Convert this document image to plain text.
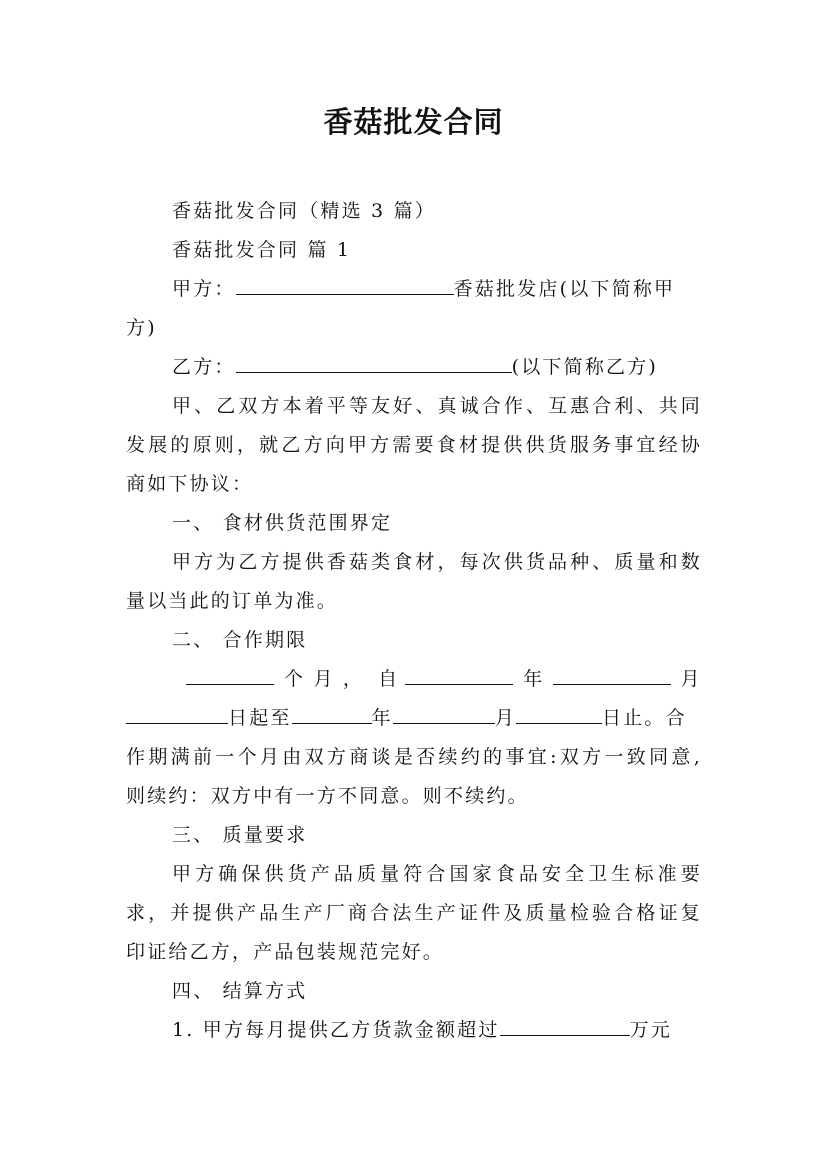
香菇批发合同
香菇批发合同（精选 3 篇）
香菇批发合同 篇 1
甲方：	香菇批发店(以下简称甲
方)
乙方：	(以下简称乙方)
甲、乙双方本着平等友好、真诚合作、互惠合利、共同
发展的原则，就乙方向甲方需要食材提供供货服务事宜经协
商如下协议：
一、 食材供货范围界定
甲方为乙方提供香菇类食材，每次供货品种、质量和数
量以当此的订单为准。
二、 合作期限
个 月 ， 自	年	月
日起至	年	月	日止。合
作期满前一个月由双方商谈是否续约的事宜:双方一致同意,
则续约：双方中有一方不同意。则不续约。
三、 质量要求
甲方确保供货产品质量符合国家食品安全卫生标准要
求，并提供产品生产厂商合法生产证件及质量检验合格证复
印证给乙方，产品包装规范完好。
四、 结算方式
1. 甲方每月提供乙方货款金额超过	万元
